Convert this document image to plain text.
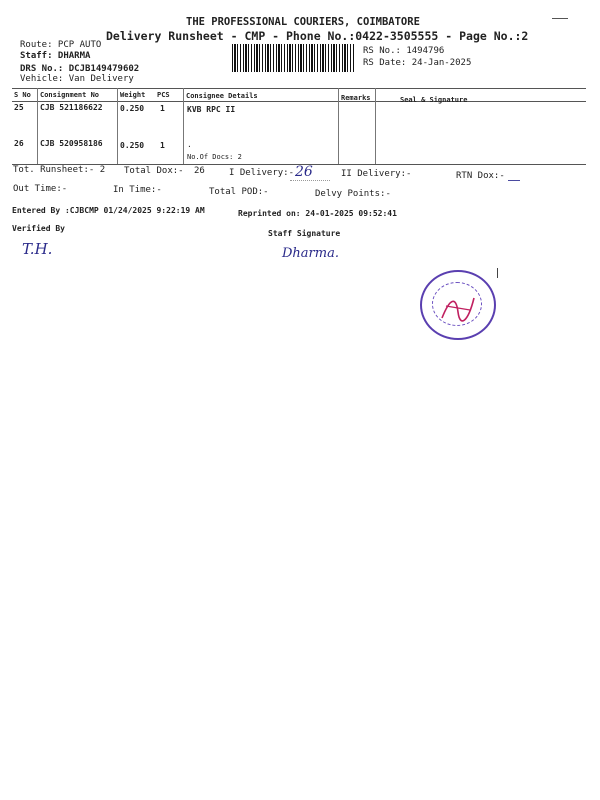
THE PROFESSIONAL COURIERS, COIMBATORE
Delivery Runsheet - CMP - Phone No.:0422-3505555 - Page No.:2
Route: PCP AUTO
Staff: DHARMA
DRS No.: DCJB149479602
Vehicle: Van Delivery
RS No.: 1494796
RS Date: 24-Jan-2025
S No Consignment No	Weight PCS Consignee Details	Remarks	Seal & Signature
25 CJB 521186622 0.250 1	KVB RPC II
26 CJB 520958186 0.250 1	.
No.Of Docs: 2
Tot. Runsheet:- 2 Total Dox:- 26	I Delivery:- 26	II Delivery:-	RTN Dox:-
Out Time:-	In Time:-	Total POD:-	Delvy Points:-
Entered By :CJBCMP 01/24/2025 9:22:19 AM	Reprinted on: 24-01-2025 09:52:41
Verified By
Staff Signature
T.H.	Dharma.
